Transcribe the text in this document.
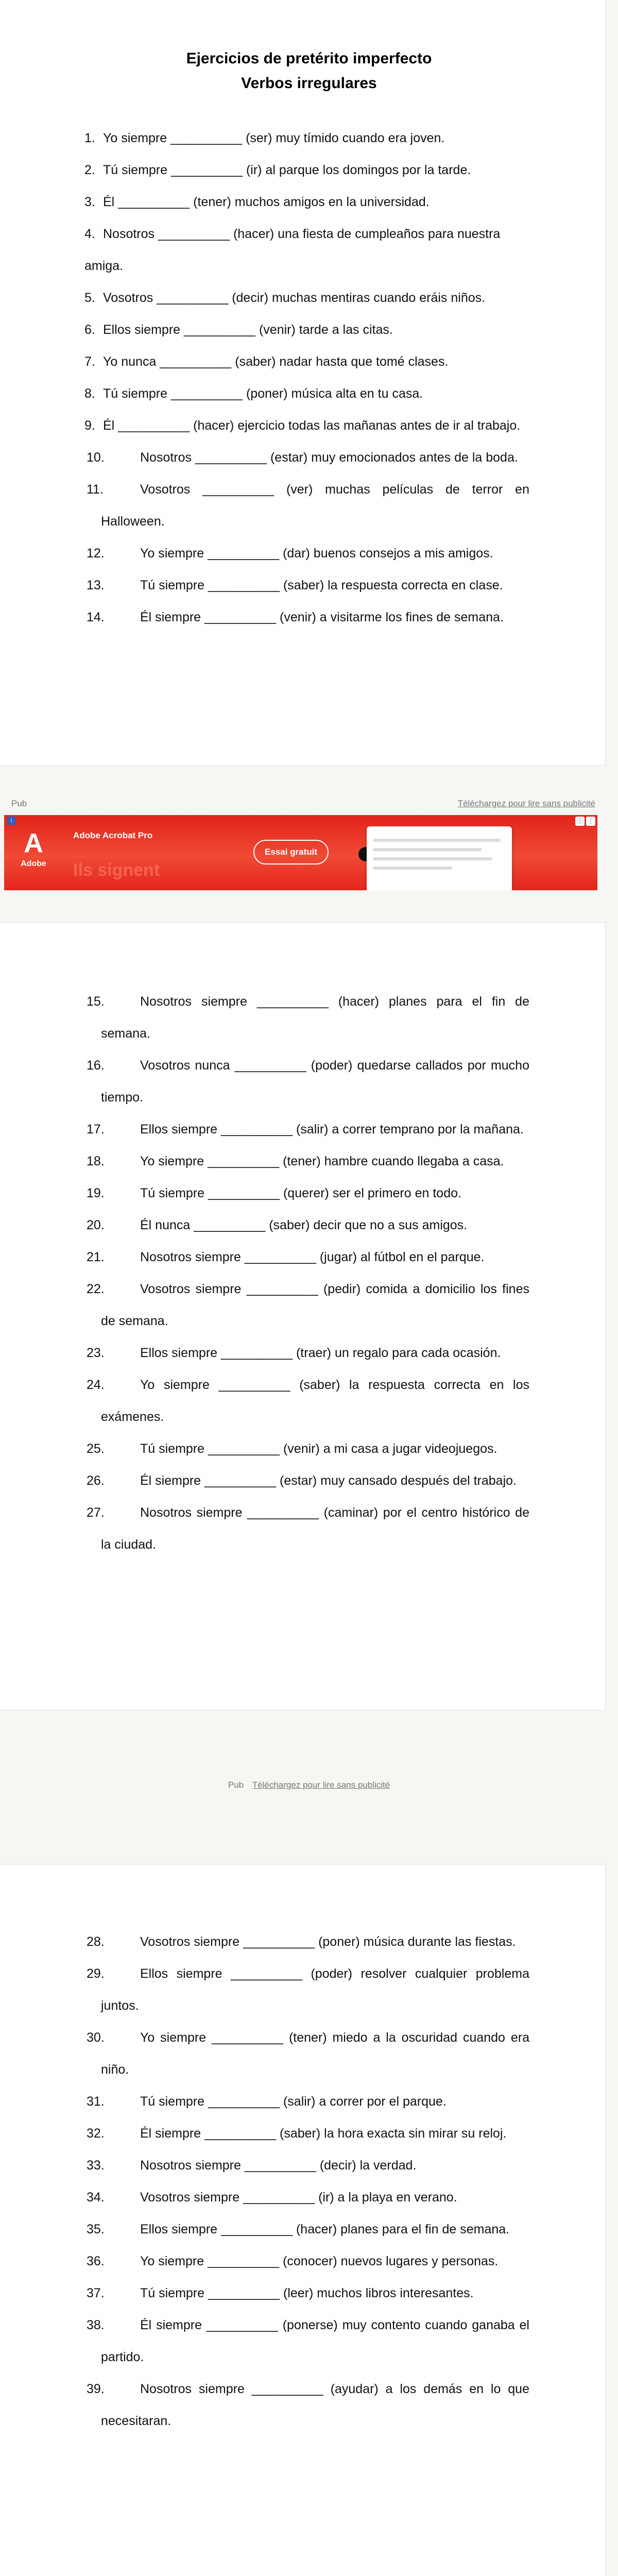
Ejercicios de pretérito imperfecto
Verbos irregulares
1. Yo siempre __________ (ser) muy tímido cuando era joven.
2. Tú siempre __________ (ir) al parque los domingos por la tarde.
3. Él __________ (tener) muchos amigos en la universidad.
4. Nosotros __________ (hacer) una fiesta de cumpleaños para nuestra amiga.
5. Vosotros __________ (decir) muchas mentiras cuando eráis niños.
6. Ellos siempre __________ (venir) tarde a las citas.
7. Yo nunca __________ (saber) nadar hasta que tomé clases.
8. Tú siempre __________ (poner) música alta en tu casa.
9. Él __________ (hacer) ejercicio todas las mañanas antes de ir al trabajo.
10.	Nosotros __________ (estar) muy emocionados antes de la boda.
11.	Vosotros __________ (ver) muchas películas de terror en Halloween.
12.	Yo siempre __________ (dar) buenos consejos a mis amigos.
13.	Tú siempre __________ (saber) la respuesta correcta en clase.
14.	Él siempre __________ (venir) a visitarme los fines de semana.
Pub	Téléchargez pour lire sans publicité
i	ⓘ ⋮
A
Adobe
Adobe Acrobat Pro
Ils signent
Essai gratuit
15.	Nosotros siempre __________ (hacer) planes para el fin de semana.
16.	Vosotros nunca __________ (poder) quedarse callados por mucho tiempo.
17.	Ellos siempre __________ (salir) a correr temprano por la mañana.
18.	Yo siempre __________ (tener) hambre cuando llegaba a casa.
19.	Tú siempre __________ (querer) ser el primero en todo.
20.	Él nunca __________ (saber) decir que no a sus amigos.
21.	Nosotros siempre __________ (jugar) al fútbol en el parque.
22.	Vosotros siempre __________ (pedir) comida a domicilio los fines de semana.
23.	Ellos siempre __________ (traer) un regalo para cada ocasión.
24.	Yo siempre __________ (saber) la respuesta correcta en los exámenes.
25.	Tú siempre __________ (venir) a mi casa a jugar videojuegos.
26.	Él siempre __________ (estar) muy cansado después del trabajo.
27.	Nosotros siempre __________ (caminar) por el centro histórico de la ciudad.
Pub Téléchargez pour lire sans publicité
28.	Vosotros siempre __________ (poner) música durante las fiestas.
29.	Ellos siempre __________ (poder) resolver cualquier problema juntos.
30.	Yo siempre __________ (tener) miedo a la oscuridad cuando era niño.
31.	Tú siempre __________ (salir) a correr por el parque.
32.	Él siempre __________ (saber) la hora exacta sin mirar su reloj.
33.	Nosotros siempre __________ (decir) la verdad.
34.	Vosotros siempre __________ (ir) a la playa en verano.
35.	Ellos siempre __________ (hacer) planes para el fin de semana.
36.	Yo siempre __________ (conocer) nuevos lugares y personas.
37.	Tú siempre __________ (leer) muchos libros interesantes.
38.	Él siempre __________ (ponerse) muy contento cuando ganaba el partido.
39.	Nosotros siempre __________ (ayudar) a los demás en lo que necesitaran.
